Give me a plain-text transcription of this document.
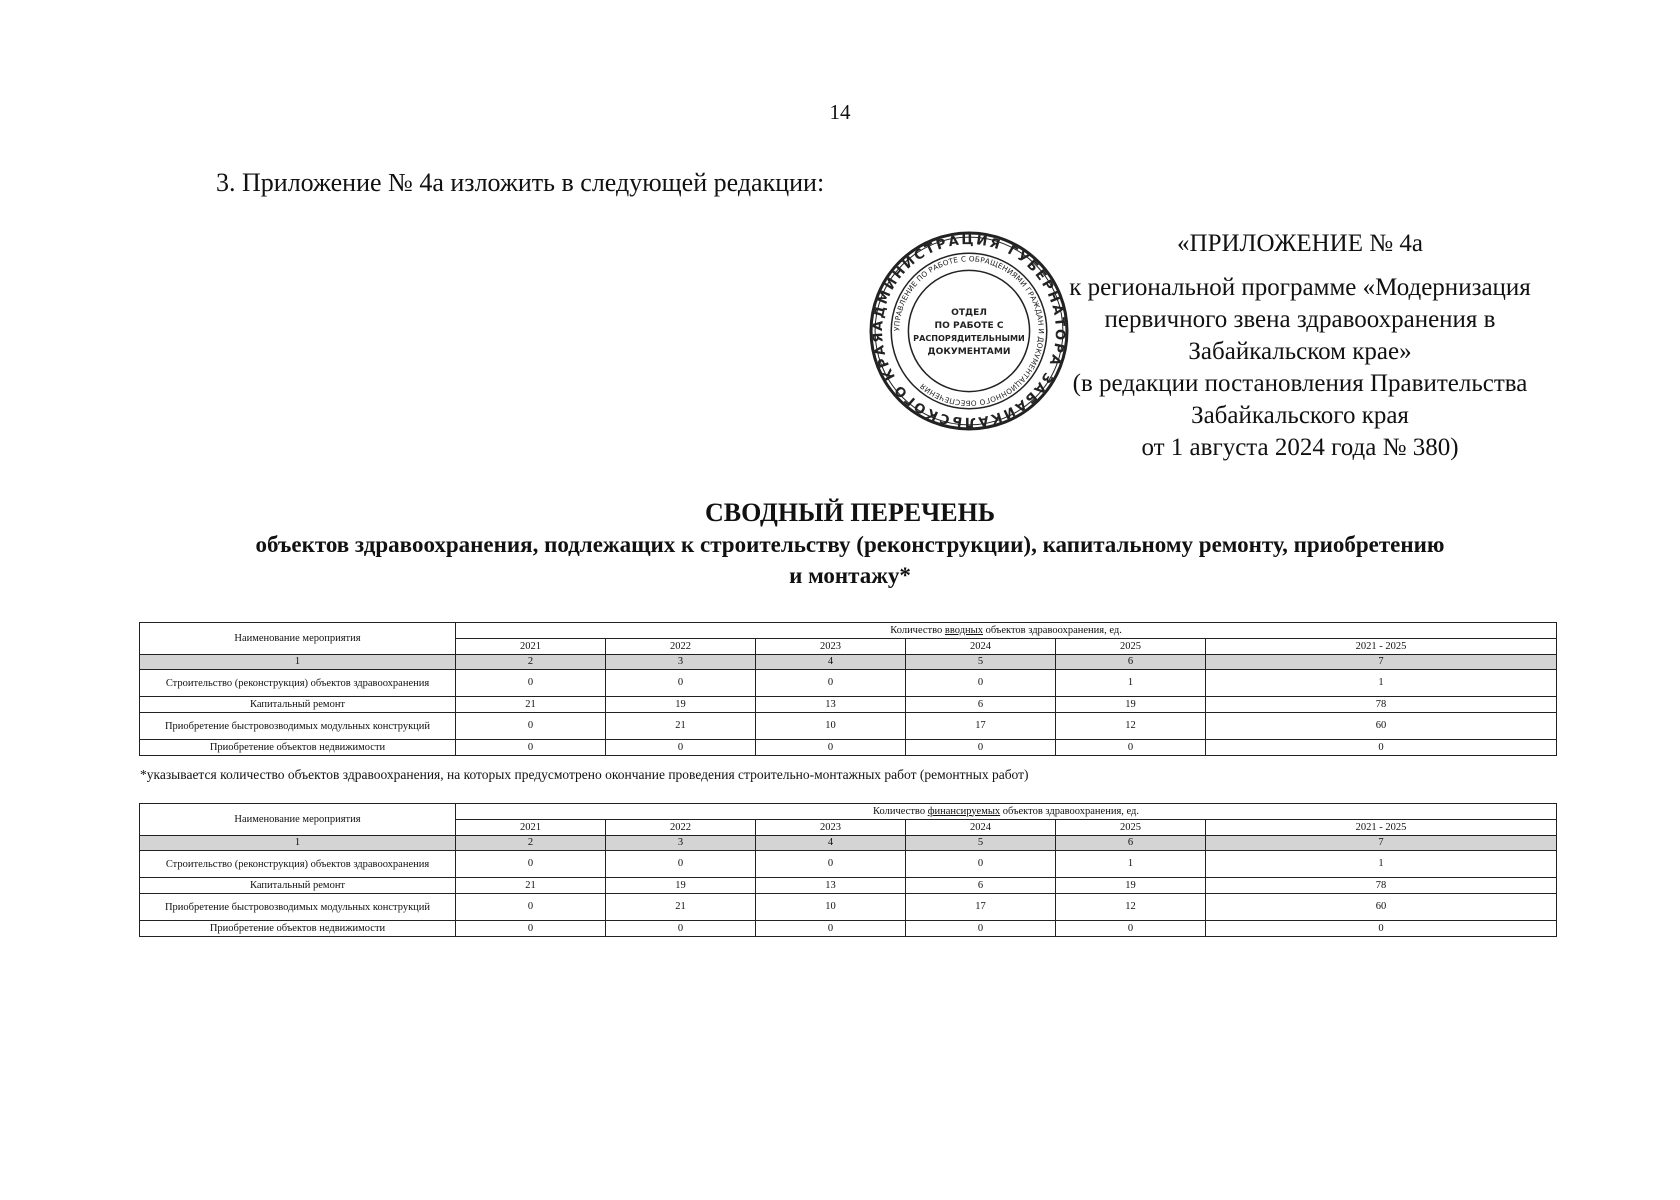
14
3. Приложение № 4а изложить в следующей редакции:
«ПРИЛОЖЕНИЕ № 4а
к региональной программе «Модернизация
первичного звена здравоохранения в
Забайкальском крае»
(в редакции постановления Правительства
Забайкальского края
от 1 августа 2024 года № 380)
АДМИНИСТРАЦИЯ ГУБЕРНАТОРА ЗАБАЙКАЛЬСКОГО КРАЯ
УПРАВЛЕНИЕ ПО РАБОТЕ С ОБРАЩЕНИЯМИ ГРАЖДАН И ДОКУМЕНТАЦИОННОГО ОБЕСПЕЧЕНИЯ
ОТДЕЛ
ПО РАБОТЕ С
РАСПОРЯДИТЕЛЬНЫМИ
ДОКУМЕНТАМИ
СВОДНЫЙ ПЕРЕЧЕНЬ
объектов здравоохранения, подлежащих к строительству (реконструкции), капитальному ремонту, приобретению
и монтажу*
Наименование мероприятия	Количество вводных объектов здравоохранения, ед.					
	2021	2022	2023	2024	2025	2021 - 2025
1	2	3	4	5	6	7
Строительство (реконструкция) объектов здравоохранения	0	0	0	0	1	1
Капитальный ремонт	21	19	13	6	19	78
Приобретение быстровозводимых модульных конструкций	0	21	10	17	12	60
Приобретение объектов недвижимости	0	0	0	0	0	0
*указывается количество объектов здравоохранения, на которых предусмотрено окончание проведения строительно-монтажных работ (ремонтных работ)
Наименование мероприятия	Количество финансируемых объектов здравоохранения, ед.					
	2021	2022	2023	2024	2025	2021 - 2025
1	2	3	4	5	6	7
Строительство (реконструкция) объектов здравоохранения	0	0	0	0	1	1
Капитальный ремонт	21	19	13	6	19	78
Приобретение быстровозводимых модульных конструкций	0	21	10	17	12	60
Приобретение объектов недвижимости	0	0	0	0	0	0
